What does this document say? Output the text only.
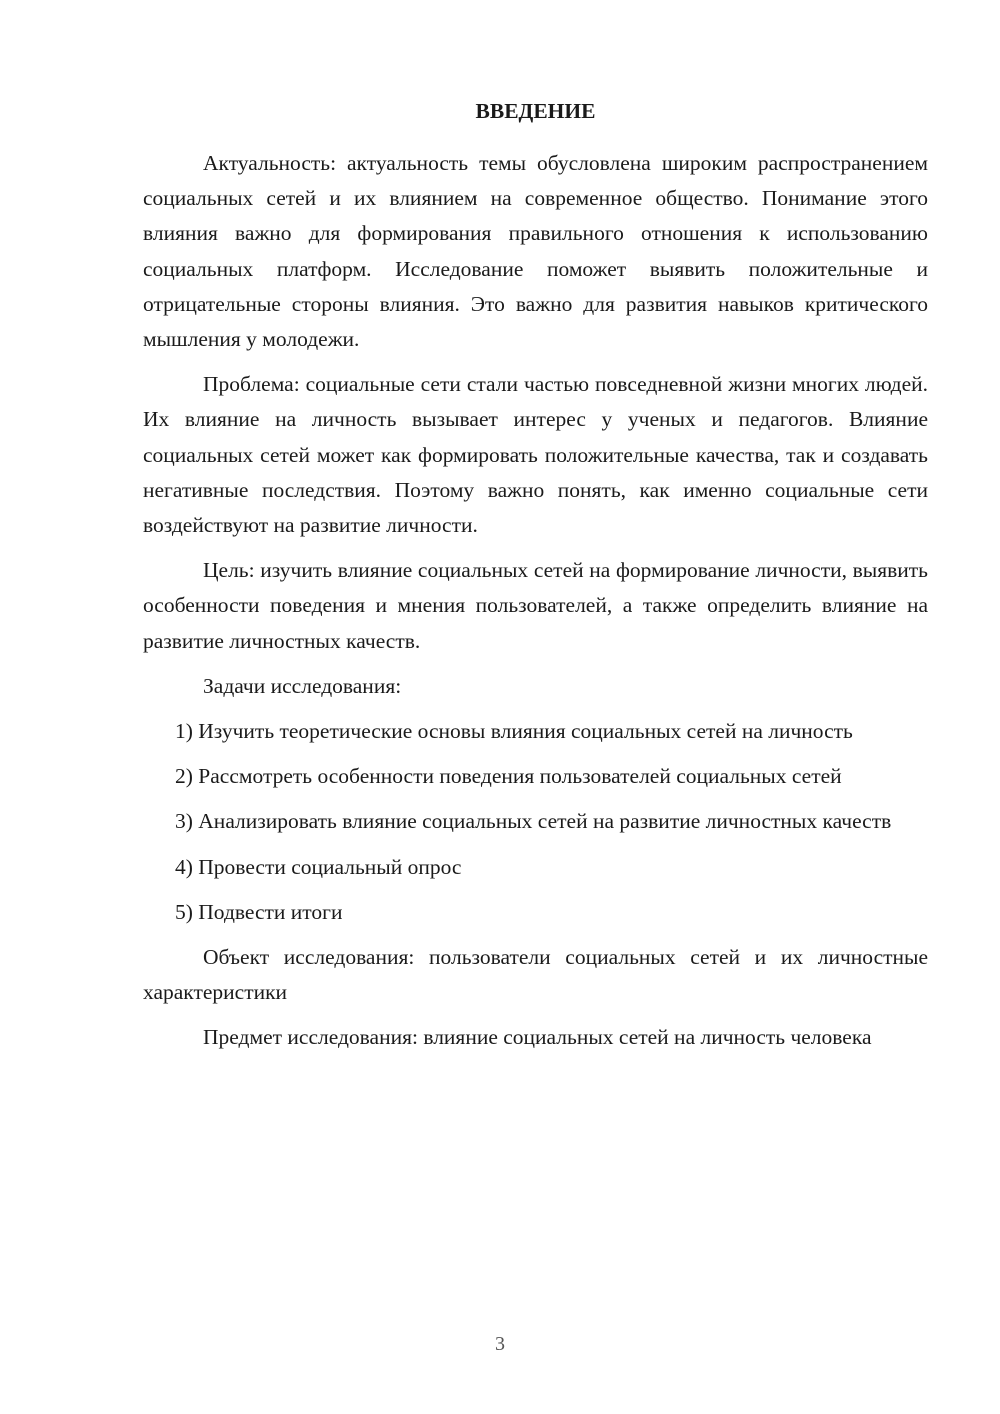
ВВЕДЕНИЕ

Актуальность: актуальность темы обусловлена широким распространением социальных сетей и их влиянием на современное общество. Понимание этого влияния важно для формирования правильного отношения к использованию социальных платформ. Исследование поможет выявить положительные и отрицательные стороны влияния. Это важно для развития навыков критического мышления у молодежи.

Проблема: социальные сети стали частью повседневной жизни многих людей. Их влияние на личность вызывает интерес у ученых и педагогов. Влияние социальных сетей может как формировать положительные качества, так и создавать негативные последствия. Поэтому важно понять, как именно социальные сети воздействуют на развитие личности.

Цель: изучить влияние социальных сетей на формирование личности, выявить особенности поведения и мнения пользователей, а также определить влияние на развитие личностных качеств.

Задачи исследования:

1) Изучить теоретические основы влияния социальных сетей на личность

2) Рассмотреть особенности поведения пользователей социальных сетей

3) Анализировать влияние социальных сетей на развитие личностных качеств

4) Провести социальный опрос

5) Подвести итоги

Объект исследования: пользователи социальных сетей и их личностные характеристики

Предмет исследования: влияние социальных сетей на личность человека

3
